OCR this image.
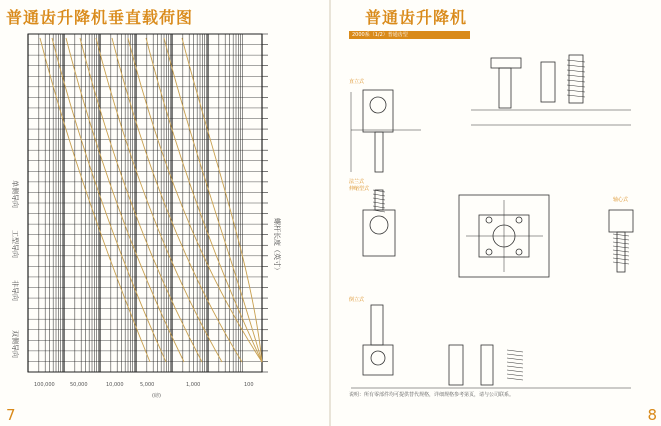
普通齿升降机垂直载荷图
螺杆长度（英寸）
非导向
双侧导向
工型导向
单侧导向
100,000	50,000	10,000	5,000	1,000	100
(磅)
7
普通齿升降机
2000系（1/2）普通齿型
直立式
法兰式
伸缩型式
倒立式
轴心式
说明：所有零部件均可提供替代规格，详细规格参考第页，请与公司联系。
8
